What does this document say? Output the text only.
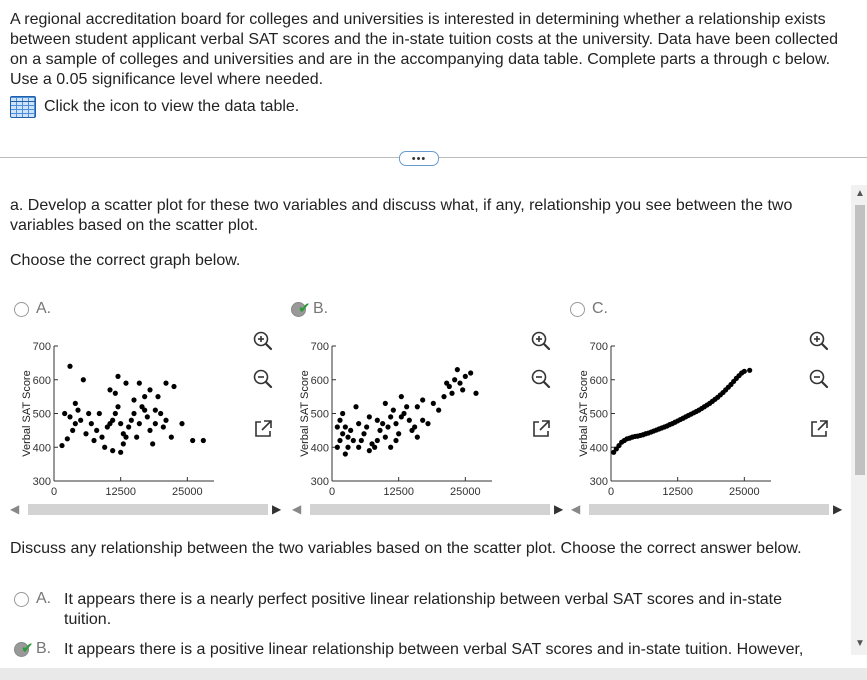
A regional accreditation board for colleges and universities is interested in determining whether a relationship exists between student applicant verbal SAT scores and the in-state tuition costs at the university. Data have been collected on a sample of colleges and universities and are in the accompanying data table. Complete parts a through c below. Use a 0.05 significance level where needed.
Click the icon to view the data table.
•••
a. Develop a scatter plot for these two variables and discuss what, if any, relationship you see between the two variables based on the scatter plot.
Choose the correct graph below.
A.	✔ B.	C.
Verbal SAT Score
700
600
500
400
300
0	12500	25000
Verbal SAT Score
700
600
500
400
300
0	12500	25000
Verbal SAT Score
700
600
500
400
300
0	12500	25000
◀	▶ ◀	▶ ◀	▶
Discuss any relationship between the two variables based on the scatter plot. Choose the correct answer below.
A. It appears there is a nearly perfect positive linear relationship between verbal SAT scores and in-state tuition.
✔ B. It appears there is a positive linear relationship between verbal SAT scores and in-state tuition. However,
▲
▼
